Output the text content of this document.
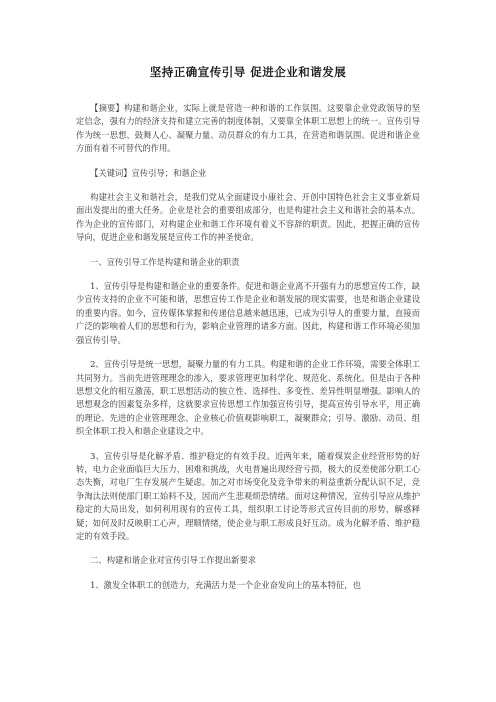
坚持正确宣传引导 促进企业和谐发展

【摘要】构建和谐企业，实际上就是营造一种和谐的工作氛围。这要靠企业党政领导的坚定信念，强有力的经济支持和建立完善的制度体制，又要靠全体职工思想上的统一。宣传引导作为统一思想、鼓舞人心、凝聚力量、动员群众的有力工具，在营造和谐氛围、促进和谐企业方面有着不可替代的作用。

【关键词】宣传引导；和谐企业

构建社会主义和谐社会，是我们党从全面建设小康社会、开创中国特色社会主义事业新局面出发提出的重大任务。企业是社会的重要组成部分，也是构建社会主义和谐社会的基本点。作为企业的宣传部门，对构建企业和谐工作环境有着义不容辞的职责。因此，把握正确的宣传导向，促进企业和谐发展是宣传工作的神圣使命。

一、宣传引导工作是构建和谐企业的职责

1、宣传引导是构建和谐企业的重要条件。促进和谐企业离不开强有力的思想宣传工作，缺少宣传支持的企业不可能和谐，思想宣传工作是企业和谐发展的现实需要，也是和谐企业建设的重要内容。如今，宣传媒体掌握和传递信息越来越迅速，已成为引导人的重要力量，直接而广泛的影响着人们的思想和行为，影响企业管理的诸多方面。因此，构建和谐工作环境必须加强宣传引导。

2、宣传引导是统一思想，凝聚力量的有力工具。构建和谐的企业工作环境，需要全体职工共同努力。当前先进管理理念的渗入，要求管理更加科学化、规范化、系统化。但是由于各种思想文化的相互激荡，职工思想活动的独立性、选择性、多变性、差异性明显增强。影响人的思想观念的因素复杂多样，这就要求宣传思想工作加强宣传引导，提高宣传引导水平，用正确的理论、先进的企业管理理念、企业核心价值观影响职工，凝聚群众；引导、激励、动员、组织全体职工投入和谐企业建设之中。

3、宣传引导是化解矛盾、维护稳定的有效手段。近两年来，随着煤炭企业经营形势的好转，电力企业面临巨大压力，困难和挑战，火电普遍出现经营亏损，极大的反差使部分职工心态失衡，对电厂生存发展产生疑虑。加之对市场变化及竞争带来的利益重新分配认识不足，竞争淘汰法则使部门职工始料不及，因而产生悲观烦恐情绪。面对这种情况，宣传引导应从维护稳定的大局出发，如何利用现有的宣传工具，组织职工讨论等形式宣传目前的形势，解惑释疑；如何及时反映职工心声，理顺情绪，使企业与职工形成良好互动。成为化解矛盾、维护稳定的有效手段。

二、构建和谐企业对宣传引导工作提出新要求

1、激发全体职工的创造力，充满活力是一个企业奋发向上的基本特征，也
